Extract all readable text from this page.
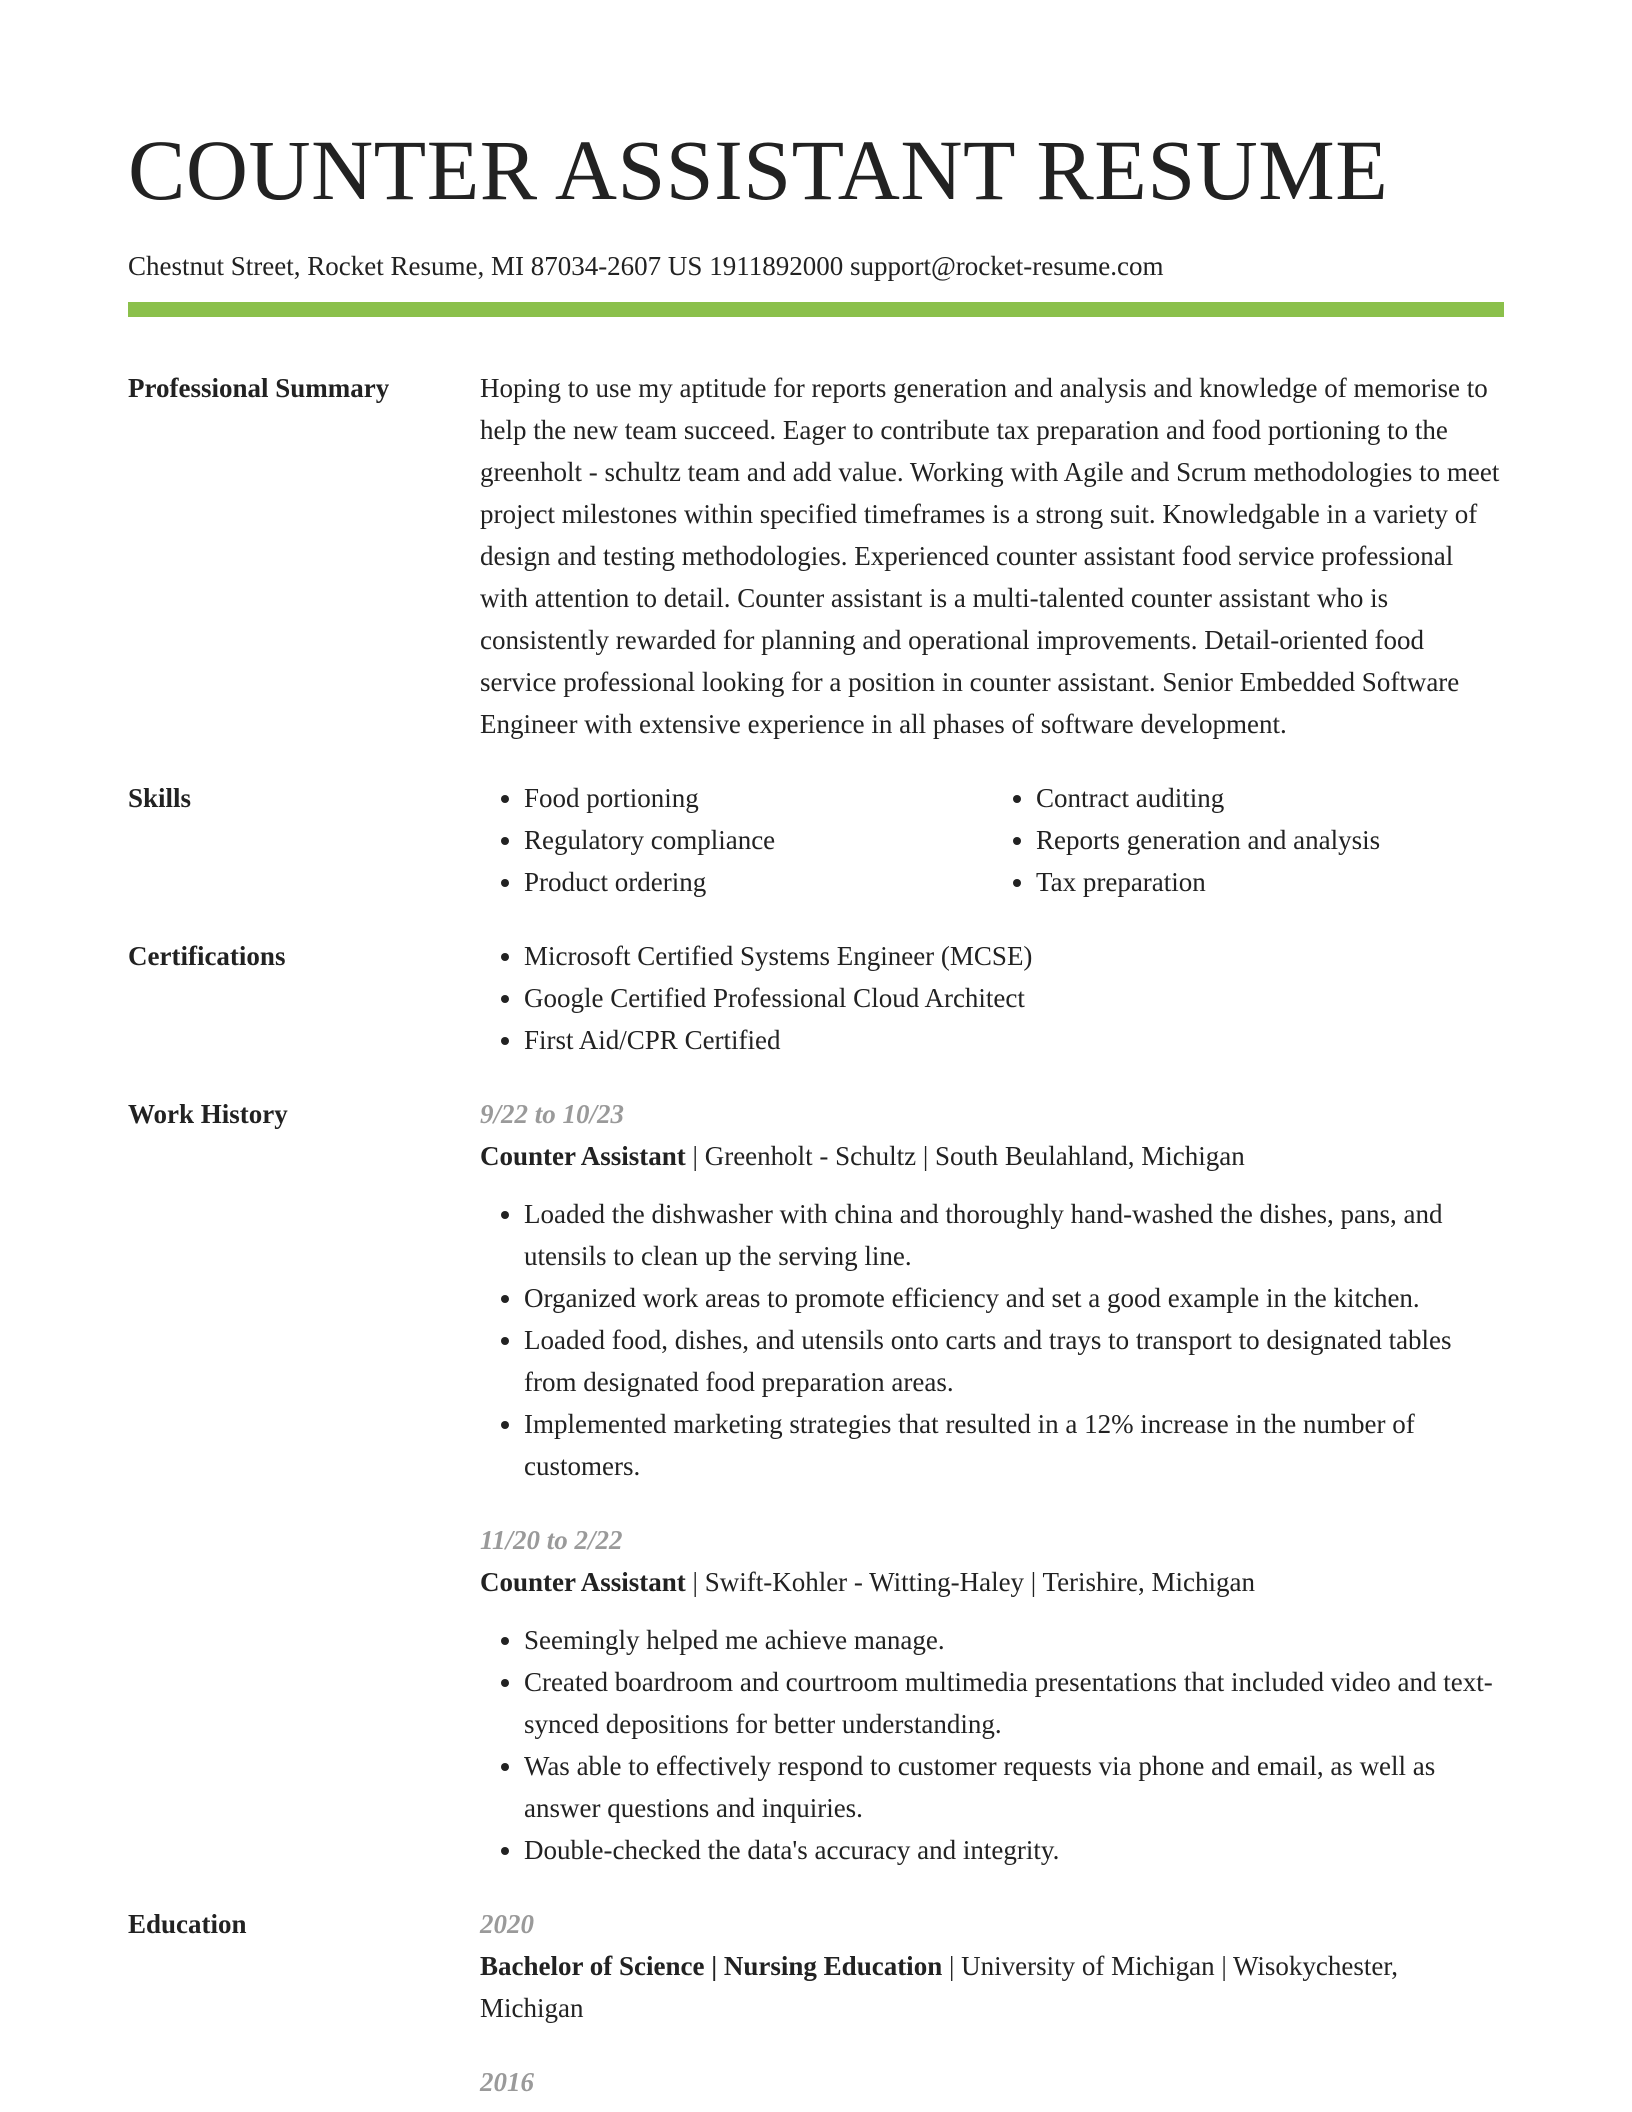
COUNTER ASSISTANT RESUME
Chestnut Street, Rocket Resume, MI 87034-2607 US 1911892000 support@rocket-resume.com
Professional Summary	Hoping to use my aptitude for reports generation and analysis and knowledge of memorise to help the new team succeed. Eager to contribute tax preparation and food portioning to the greenholt - schultz team and add value. Working with Agile and Scrum methodologies to meet project milestones within specified timeframes is a strong suit. Knowledgable in a variety of design and testing methodologies. Experienced counter assistant food service professional with attention to detail. Counter assistant is a multi-talented counter assistant who is consistently rewarded for planning and operational improvements. Detail-oriented food service professional looking for a position in counter assistant. Senior Embedded Software Engineer with extensive experience in all phases of software development.

Skills	• Food portioning
• Regulatory compliance
• Product ordering
• Contract auditing
• Reports generation and analysis
• Tax preparation
Certifications	• Microsoft Certified Systems Engineer (MCSE)
• Google Certified Professional Cloud Architect
• First Aid/CPR Certified
Work History	9/22 to 10/23
Counter Assistant | Greenholt - Schultz | South Beulahland, Michigan
• Loaded the dishwasher with china and thoroughly hand-washed the dishes, pans, and utensils to clean up the serving line.
• Organized work areas to promote efficiency and set a good example in the kitchen.
• Loaded food, dishes, and utensils onto carts and trays to transport to designated tables from designated food preparation areas.
• Implemented marketing strategies that resulted in a 12% increase in the number of customers.
11/20 to 2/22
Counter Assistant | Swift-Kohler - Witting-Haley | Terishire, Michigan
• Seemingly helped me achieve manage.
• Created boardroom and courtroom multimedia presentations that included video and text-synced depositions for better understanding.
• Was able to effectively respond to customer requests via phone and email, as well as answer questions and inquiries.
• Double-checked the data's accuracy and integrity.
Education	2020
Bachelor of Science | Nursing Education | University of Michigan | Wisokychester, Michigan
2016
